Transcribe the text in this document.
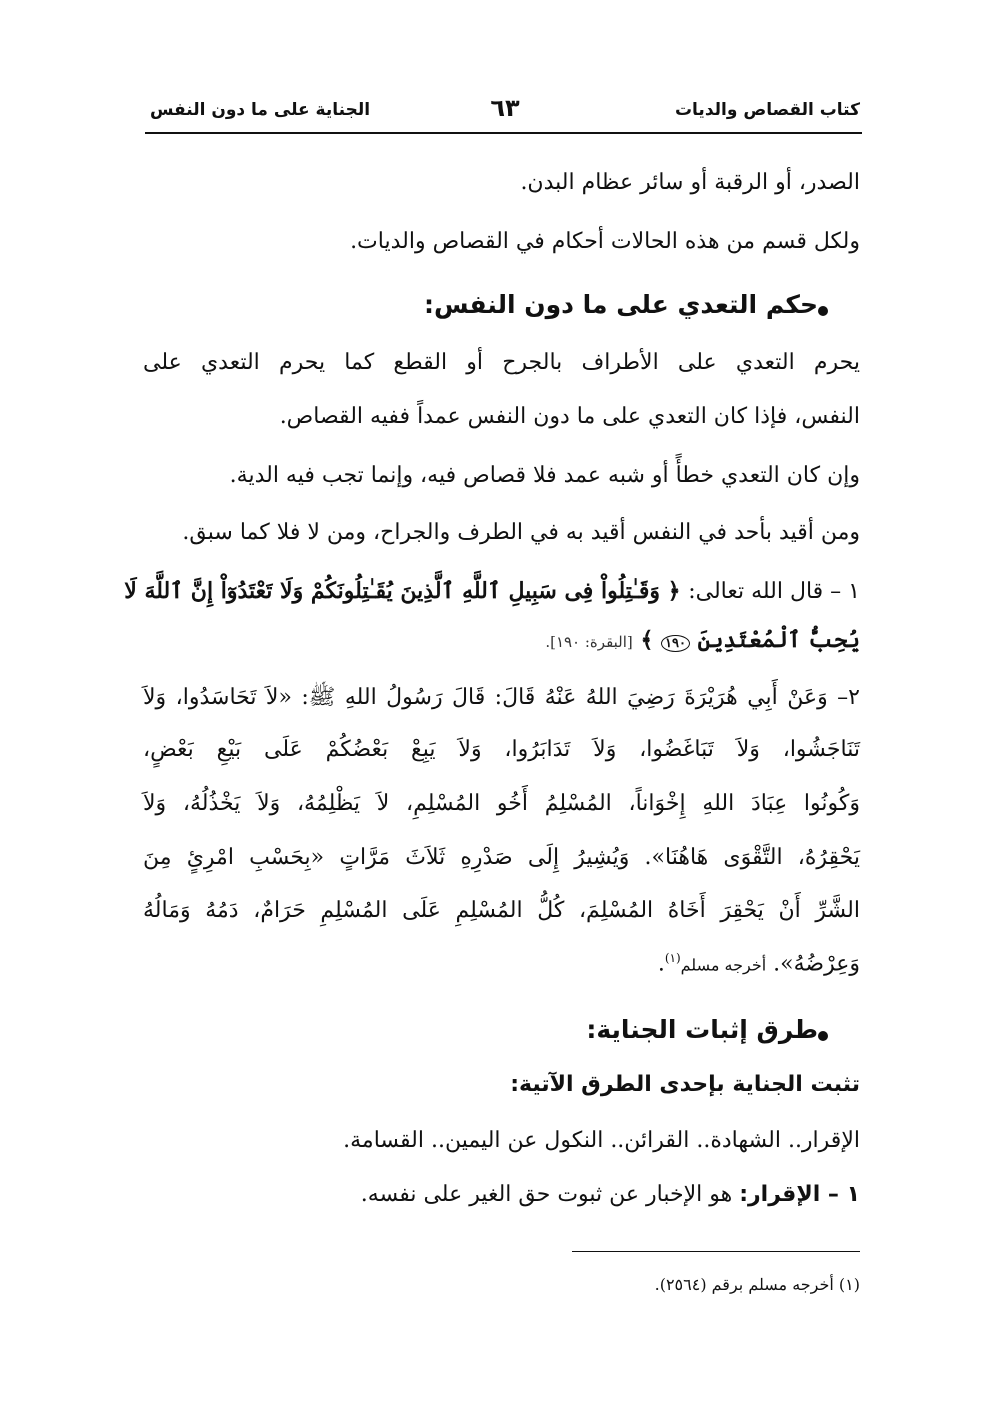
كتاب القصاص والديات
٦٣
الجناية على ما دون النفس
الصدر، أو الرقبة أو سائر عظام البدن.
ولكل قسم من هذه الحالات أحكام في القصاص والديات.
حكم التعدي على ما دون النفس:
يحرم التعدي على الأطراف بالجرح أو القطع كما يحرم التعدي على
النفس، فإذا كان التعدي على ما دون النفس عمداً ففيه القصاص.
وإن كان التعدي خطأً أو شبه عمد فلا قصاص فيه، وإنما تجب فيه الدية.
ومن أقيد بأحد في النفس أقيد به في الطرف والجراح، ومن لا فلا كما سبق.
١ – قال الله تعالى: ﴿ وَقَـٰتِلُواْ فِى سَبِيلِ ٱللَّهِ ٱلَّذِينَ يُقَـٰتِلُونَكُمْ وَلَا تَعْتَدُوٓاْ إِنَّ ٱللَّهَ لَا
يُحِبُّ ٱلْمُعْتَدِينَ ١٩٠ ﴾ [البقرة: ١٩٠].
٢– وَعَنْ أَبِي هُرَيْرَةَ رَضِيَ اللهُ عَنْهُ قَالَ: قَالَ رَسُولُ اللهِ ﷺ: «لاَ تَحَاسَدُوا، وَلاَ
تَنَاجَشُوا، وَلاَ تَبَاغَضُوا، وَلاَ تَدَابَرُوا، وَلاَ يَبِعْ بَعْضُكُمْ عَلَى بَيْعِ بَعْضٍ،
وَكُونُوا عِبَادَ اللهِ إِخْوَاناً، المُسْلِمُ أَخُو المُسْلِمِ، لاَ يَظْلِمُهُ، وَلاَ يَخْذُلُهُ، وَلاَ
يَحْقِرُهُ، التَّقْوَى هَاهُنَا». وَيُشِيرُ إِلَى صَدْرِهِ ثَلاَثَ مَرَّاتٍ «بِحَسْبِ امْرِئٍ مِنَ
الشَّرِّ أَنْ يَحْقِرَ أَخَاهُ المُسْلِمَ، كُلُّ المُسْلِمِ عَلَى المُسْلِمِ حَرَامٌ، دَمُهُ وَمَالُهُ
وَعِرْضُهُ». أخرجه مسلم$^{(١)}$.
طرق إثبات الجناية:
تثبت الجناية بإحدى الطرق الآتية:
الإقرار.. الشهادة.. القرائن.. النكول عن اليمين.. القسامة.
١ – الإقرار: هو الإخبار عن ثبوت حق الغير على نفسه.
(١) أخرجه مسلم برقم (٢٥٦٤).
